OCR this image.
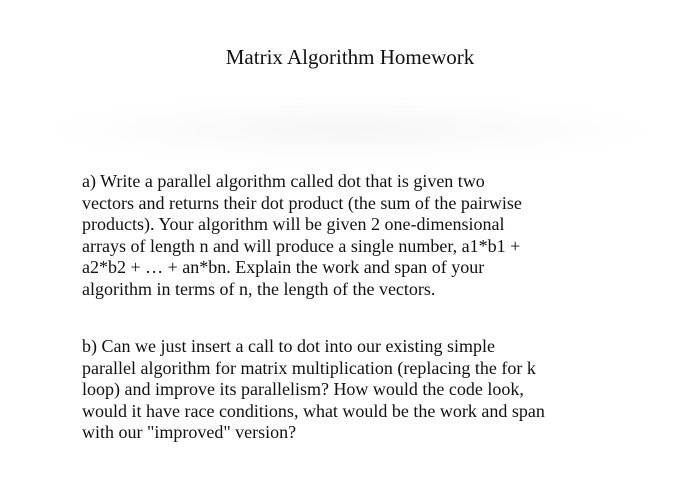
Matrix Algorithm Homework

a) Write a parallel algorithm called dot that is given two
vectors and returns their dot product (the sum of the pairwise
products). Your algorithm will be given 2 one-dimensional
arrays of length n and will produce a single number, a1*b1 +
a2*b2 + … + an*bn. Explain the work and span of your
algorithm in terms of n, the length of the vectors.

b) Can we just insert a call to dot into our existing simple
parallel algorithm for matrix multiplication (replacing the for k
loop) and improve its parallelism? How would the code look,
would it have race conditions, what would be the work and span
with our "improved" version?
